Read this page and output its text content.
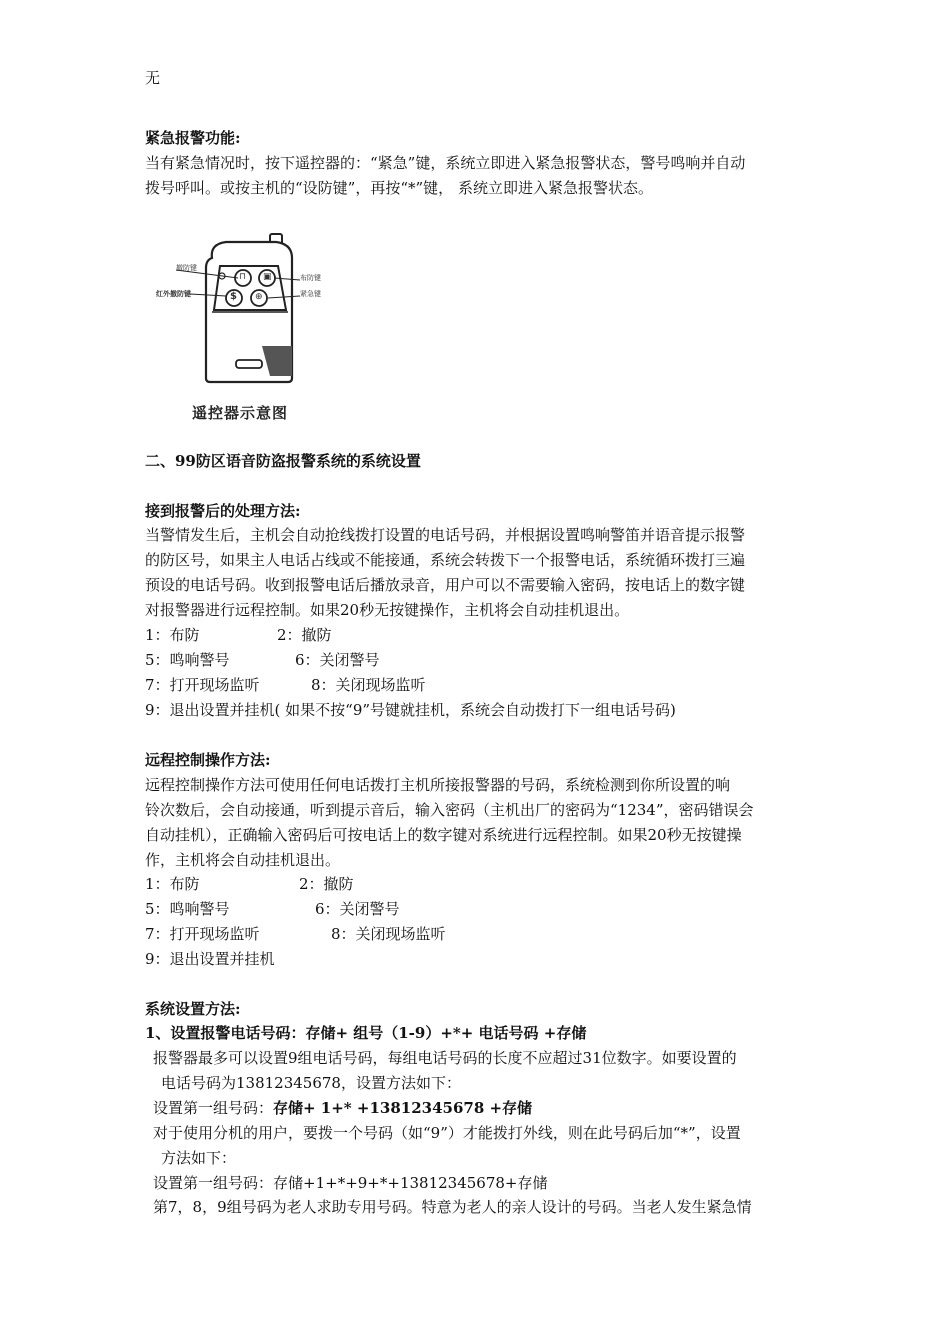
无
紧急报警功能:
当有紧急情况时，按下遥控器的：“紧急”键，系统立即进入紧急报警状态，警号鸣响并自动
拨号呼叫。或按主机的“设防键”，再按“*”键， 系统立即进入紧急报警状态。
⊓ ▣
$ ⊕
撤防键
布防键
红外撤防键	紧急键
遥控器示意图
二、99防区语音防盗报警系统的系统设置
接到报警后的处理方法:
当警情发生后，主机会自动抢线拨打设置的电话号码，并根据设置鸣响警笛并语音提示报警
的防区号，如果主人电话占线或不能接通，系统会转拨下一个报警电话，系统循环拨打三遍
预设的电话号码。收到报警电话后播放录音，用户可以不需要输入密码，按电话上的数字键
对报警器进行远程控制。如果20秒无按键操作，主机将会自动挂机退出。
1：布防	2：撤防
5：鸣响警号	6：关闭警号
7：打开现场监听	8：关闭现场监听
9：退出设置并挂机( 如果不按“9”号键就挂机，系统会自动拨打下一组电话号码)
远程控制操作方法:
远程控制操作方法可使用任何电话拨打主机所接报警器的号码，系统检测到你所设置的响
铃次数后，会自动接通，听到提示音后，输入密码（主机出厂的密码为“1234”，密码错误会
自动挂机），正确输入密码后可按电话上的数字键对系统进行远程控制。如果20秒无按键操
作，主机将会自动挂机退出。
1：布防	2：撤防
5：鸣响警号	6：关闭警号
7：打开现场监听	8：关闭现场监听
9：退出设置并挂机
系统设置方法:
1、设置报警电话号码：存储+ 组号（1-9）+*+ 电话号码 +存储
报警器最多可以设置9组电话号码，每组电话号码的长度不应超过31位数字。如要设置的
电话号码为13812345678，设置方法如下：
设置第一组号码：存储+ 1+* +13812345678 +存储
对于使用分机的用户，要拨一个号码（如“9”）才能拨打外线，则在此号码后加“*”，设置
方法如下：
设置第一组号码：存储+1+*+9+*+13812345678+存储
第7，8，9组号码为老人求助专用号码。特意为老人的亲人设计的号码。当老人发生紧急情
